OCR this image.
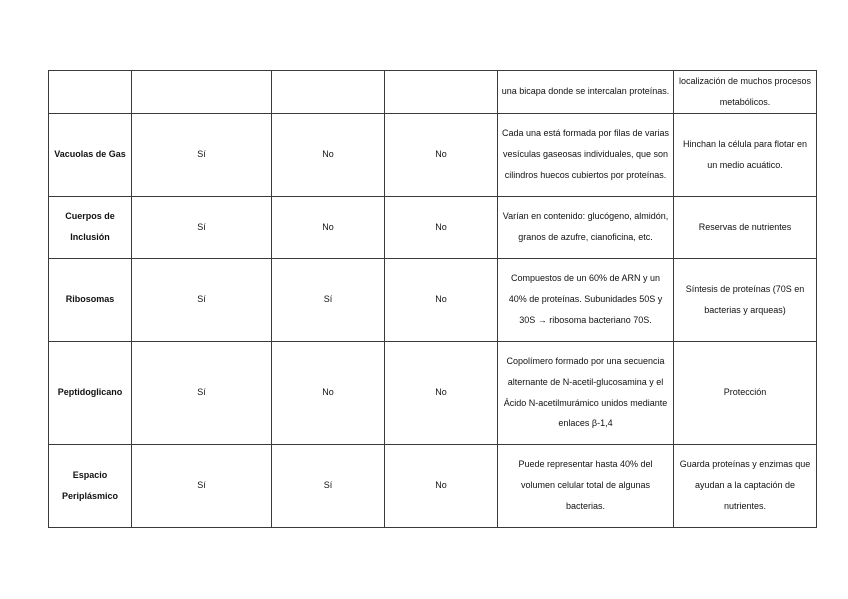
				una bicapa donde se intercalan proteínas.	localización de muchos procesos metabólicos.

Vacuolas de Gas	Sí	No	No	Cada una está formada por filas de varias vesículas gaseosas individuales, que son cilindros huecos cubiertos por proteínas.	Hinchan la célula para flotar en un medio acuático.

Cuerpos de Inclusión	Sí	No	No	Varían en contenido: glucógeno, almidón, granos de azufre, cianoficina, etc.	Reservas de nutrientes

Ribosomas	Sí	Sí	No	Compuestos de un 60% de ARN y un 40% de proteínas. Subunidades 50S y 30S → ribosoma bacteriano 70S.	Síntesis de proteínas (70S en bacterias y arqueas)

Peptidoglicano	Sí	No	No	Copolímero formado por una secuencia alternante de N-acetil-glucosamina y el Ácido N-acetilmurámico unidos mediante enlaces β-1,4	Protección

Espacio Periplásmico	Sí	Sí	No	Puede representar hasta 40% del volumen celular total de algunas bacterias.	Guarda proteínas y enzimas que ayudan a la captación de nutrientes.
